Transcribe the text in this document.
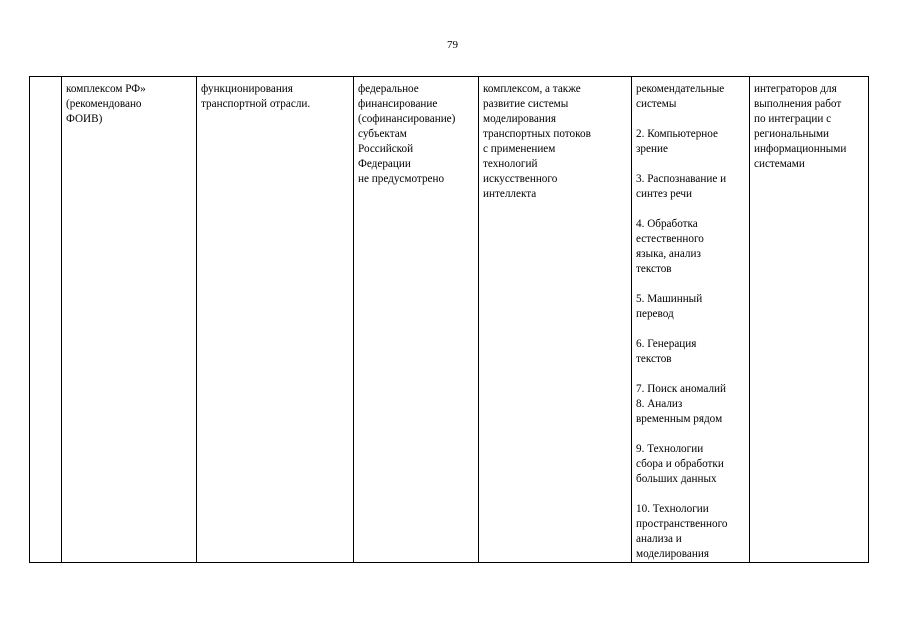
79

комплексом РФ»
(рекомендовано
ФОИВ)

функционирования
транспортной отрасли.

федеральное
финансирование
(софинансирование)
субъектам
Российской
Федерации
не предусмотрено

комплексом, а также
развитие системы
моделирования
транспортных потоков
с применением
технологий
искусственного
интеллекта

рекомендательные
системы
2. Компьютерное
зрение
3. Распознавание и
синтез речи
4. Обработка
естественного
языка, анализ
текстов
5. Машинный
перевод
6. Генерация
текстов
7. Поиск аномалий
8. Анализ
временным рядом
9. Технологии
сбора и обработки
больших данных
10. Технологии
пространственного
анализа и
моделирования

интеграторов для
выполнения работ
по интеграции с
региональными
информационными
системами
